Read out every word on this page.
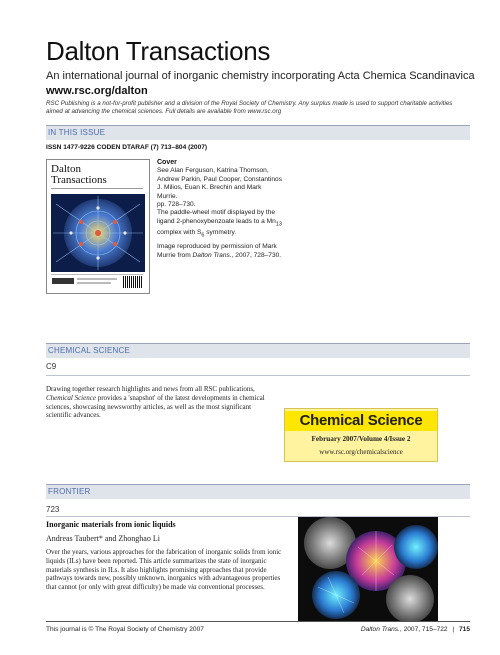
Dalton Transactions
An international journal of inorganic chemistry incorporating Acta Chemica Scandinavica
www.rsc.org/dalton
RSC Publishing is a not-for-profit publisher and a division of the Royal Society of Chemistry. Any surplus made is used to support charitable activities aimed at advancing the chemical sciences. Full details are available from www.rsc.org
IN THIS ISSUE
ISSN 1477-9226 CODEN DTARAF (7) 713–804 (2007)
Dalton
Transactions
Cover
See Alan Ferguson, Katrina Thomson, Andrew Parkin, Paul Cooper, Constantinos J. Milios, Euan K. Brechin and Mark Murrie.
pp. 728–730.
The paddle-wheel motif displayed by the ligand 2-phenoxybenzoate leads to a $Mn_{13}$ complex with $S_6$ symmetry.
Image reproduced by permission of Mark Murrie from Dalton Trans., 2007, 728–730.
CHEMICAL SCIENCE
C9
Drawing together research highlights and news from all RSC publications, Chemical Science provides a 'snapshot' of the latest developments in chemical sciences, showcasing newsworthy articles, as well as the most significant scientific advances.	Chemical Science
February 2007/Volume 4/Issue 2
www.rsc.org/chemicalscience
FRONTIER
723
Inorganic materials from ionic liquids
Andreas Taubert* and Zhonghao Li
Over the years, various approaches for the fabrication of inorganic solids from ionic liquids (ILs) have been reported. This article summarizes the state of inorganic materials synthesis in ILs. It also highlights promising approaches that provide pathways towards new, possibly unknown, inorganics with advantageous properties that cannot (or only with great difficulty) be made via conventional processes.
This journal is © The Royal Society of Chemistry 2007	Dalton Trans., 2007, 715–722 | 715
